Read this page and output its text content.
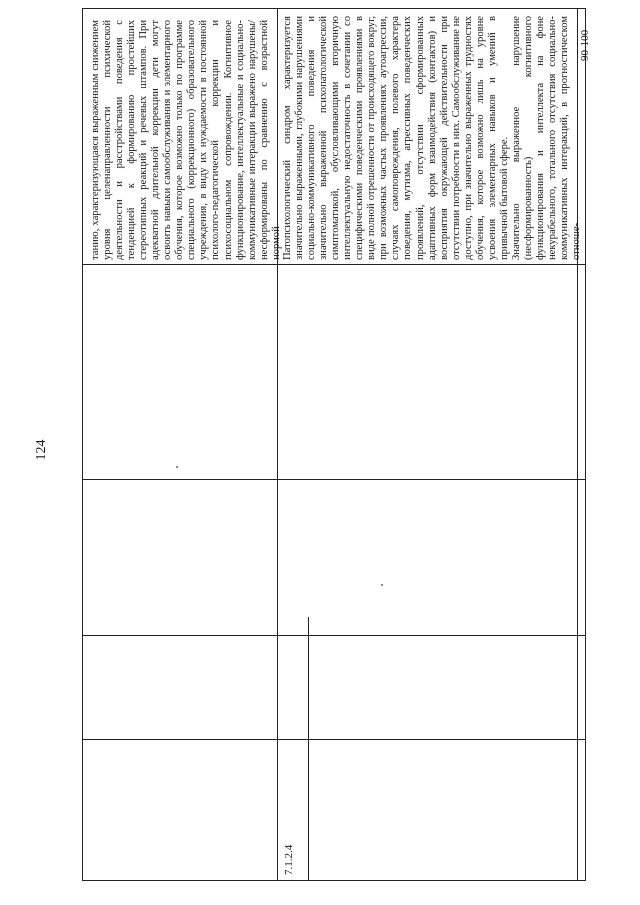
124

танию, характеризующаяся выраженным снижением уровня целенаправленности психической деятельности и расстройствами поведения с тенденцией к формированию простейших стереотипных реакций и речевых штампов. При адекватной длительной коррекции дети могут освоить навыки самообслуживания и элементарного обучения, которое возможно только по программе специального (коррекционного) образовательного учреждения, в виду их нуждаемости в постоянной психолого-педагогической коррекции и психосоциальном сопровождении. Когнитивное функционирование, интеллектуальные и социально-коммуникативные интеракции выражено нарушены/несформированы по сравнению с возрастной нормой

7.1.2.4

Патопсихологический синдром характеризуется значительно выраженными, глубокими нарушениями социально-коммуникативного поведения и значительно выраженной психопатологической симптоматикой, обусловливающими вторичную интеллектуальную недостаточность в сочетании со специфическими поведенческими проявлениями в виде полной отрешенности от происходящего вокруг, при возможных частых проявлениях аутоагрессии, случаях самоповреждения, полевого характера поведения, мутизма, агрессивных поведенческих проявлений, отсутствии сформированных адаптивных форм взаимодействия (контактов) и восприятия окружающей действительности при отсутствии потребности в них. Самообслуживание не доступно, при значительно выраженных трудностях обучения, которое возможно лишь на уровне усвоения элементарных навыков и умений в привычной бытовой сфере. Значительно выраженное нарушение (несформированность) когнитивного функционирования и интеллекта на фоне некурабельного, тотального отсутствия социально-коммуникативных интеракций, в прогностическом отноше-

90-100
